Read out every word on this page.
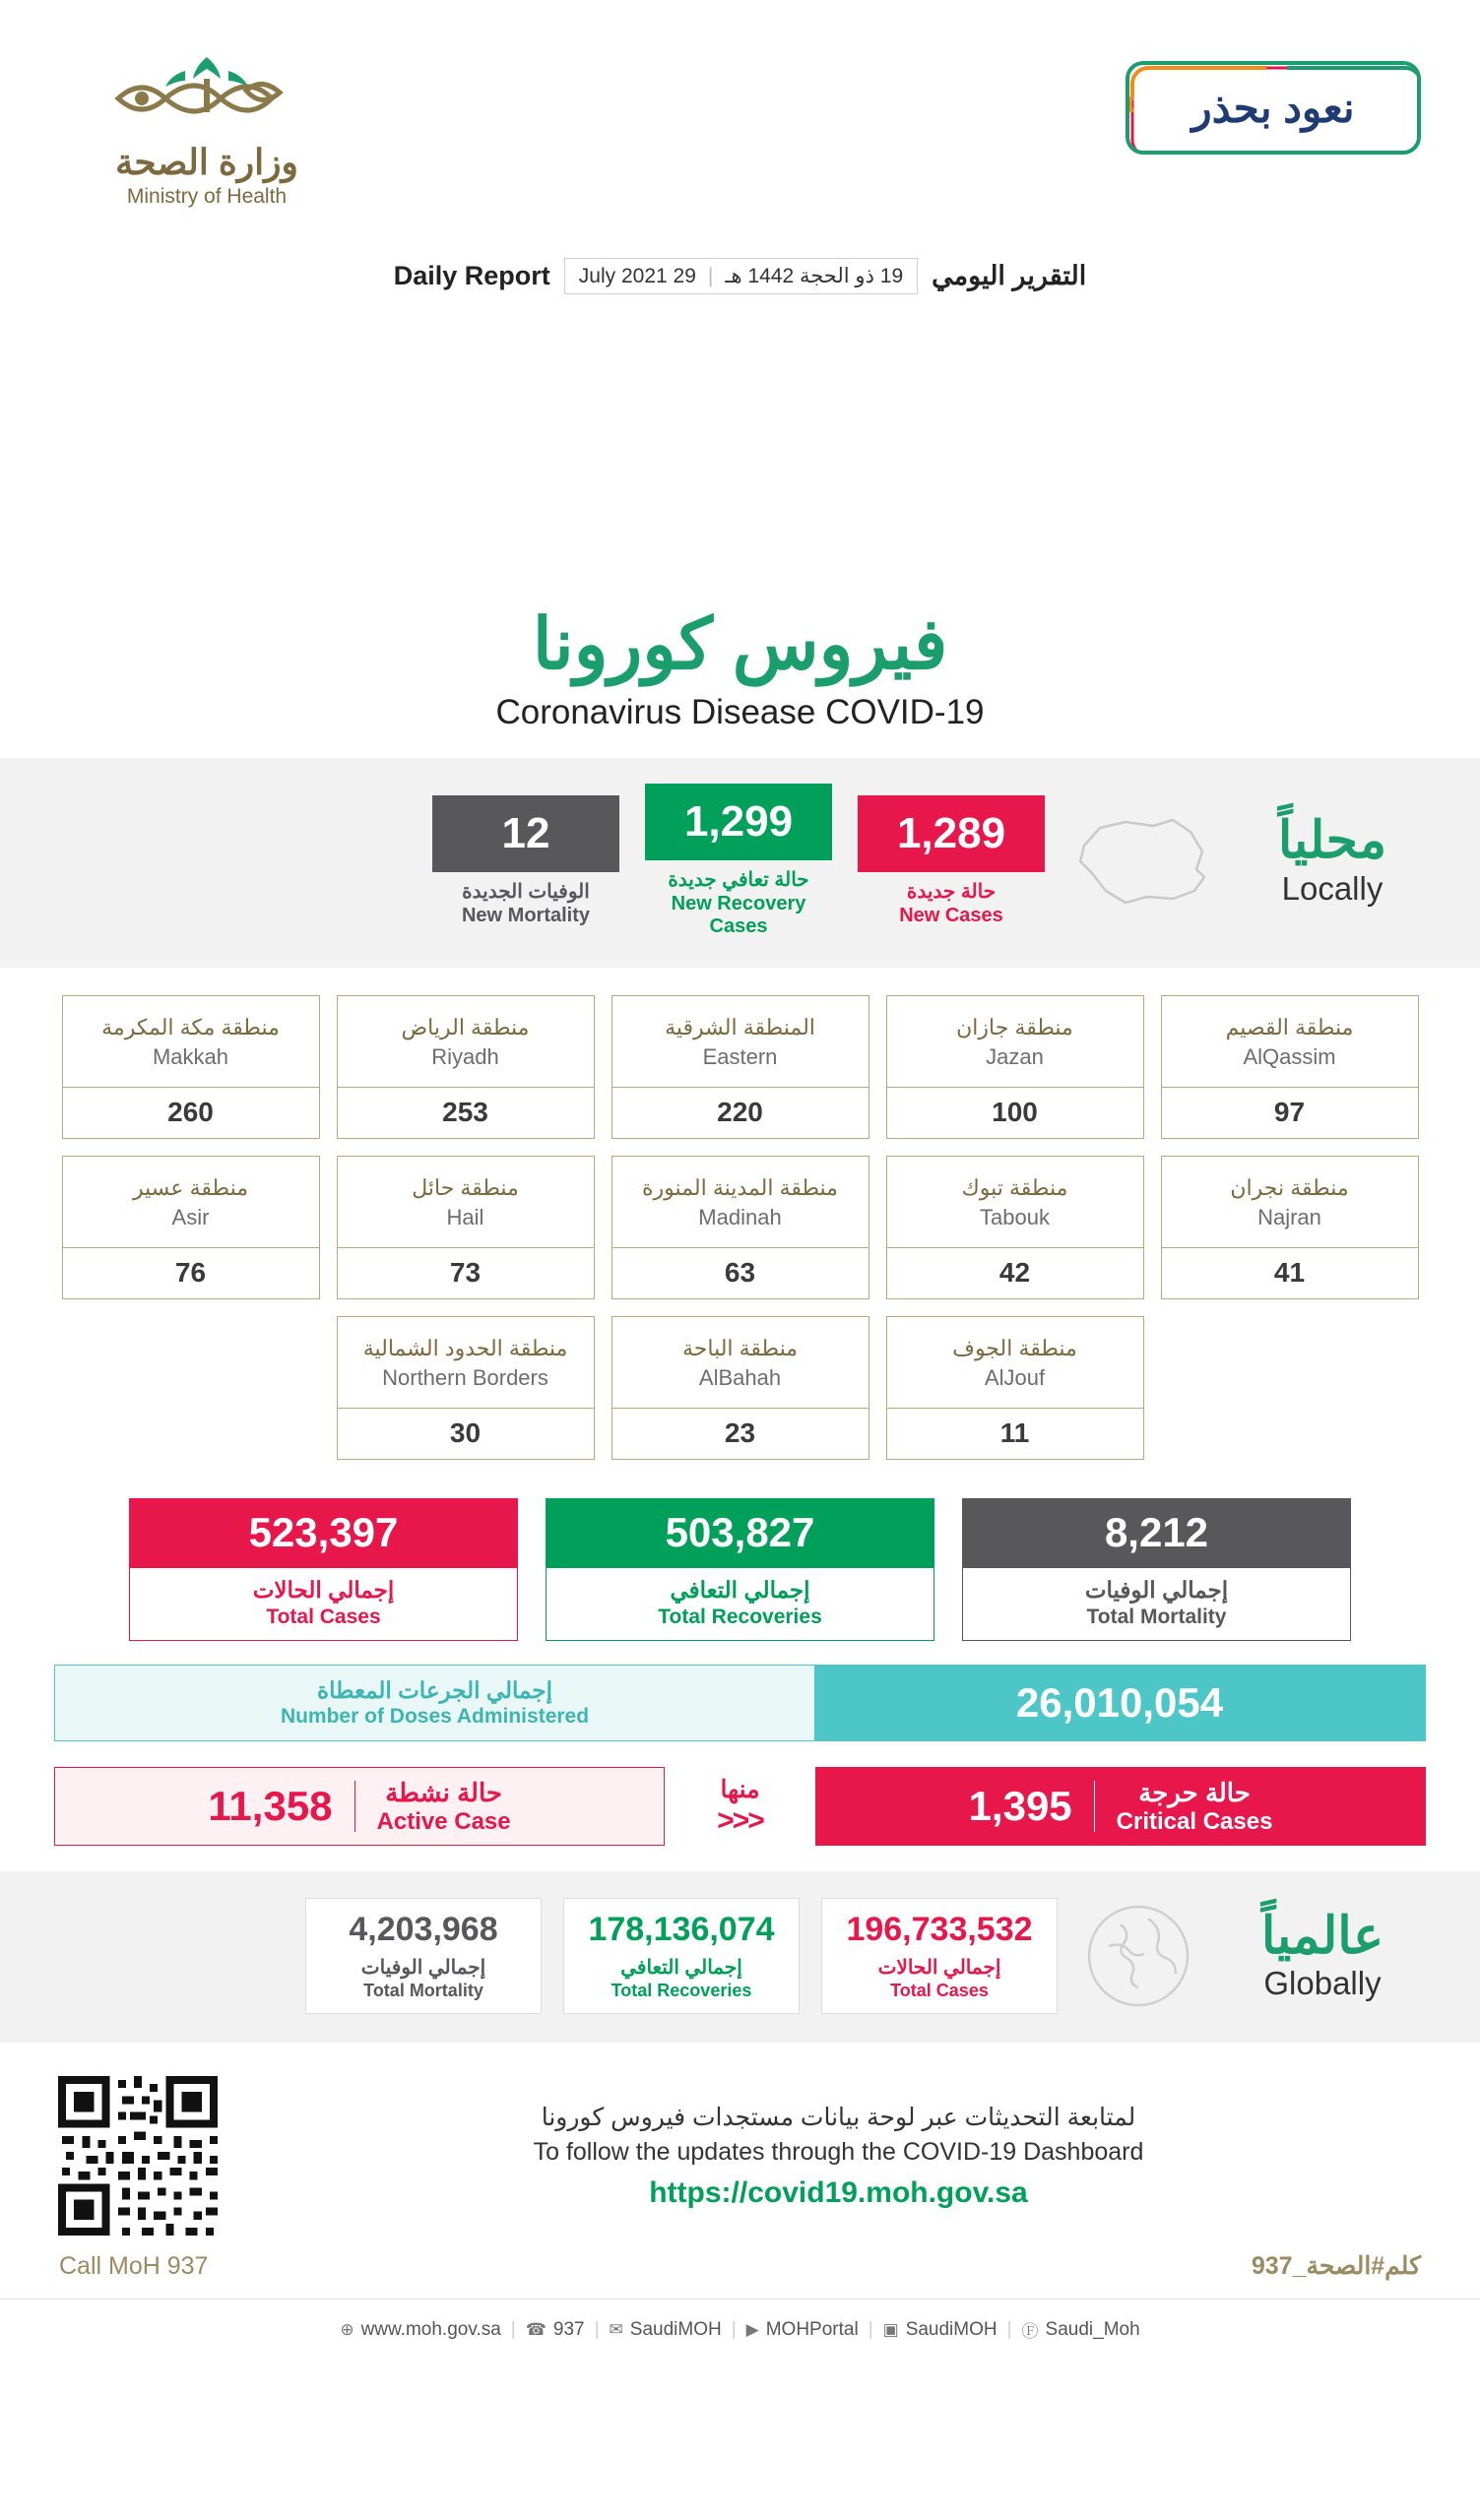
وزارة الصحة
Ministry of Health
نعود بحذر
التقرير اليومي
19 ذو الحجة 1442 هـ
|
29 July 2021
Daily Report
فيروس كورونا
Coronavirus Disease COVID-19
12
الوفيات الجديدة
New Mortality
1,299
حالة تعافي جديدة
New Recovery Cases
1,289
حالة جديدة
New Cases
محلياً
Locally
منطقة القصيم
AlQassim
97
منطقة جازان
Jazan
100
المنطقة الشرقية
Eastern
220
منطقة الرياض
Riyadh
253
منطقة مكة المكرمة
Makkah
260
منطقة نجران
Najran
41
منطقة تبوك
Tabouk
42
منطقة المدينة المنورة
Madinah
63
منطقة حائل
Hail
73
منطقة عسير
Asir
76
منطقة الجوف
AlJouf
11
منطقة الباحة
AlBahah
23
منطقة الحدود الشمالية
Northern Borders
30
8,212
إجمالي الوفيات
Total Mortality
503,827
إجمالي التعافي
Total Recoveries
523,397
إجمالي الحالات
Total Cases
26,010,054
إجمالي الجرعات المعطاة
Number of Doses Administered
حالة حرجة
Critical Cases
1,395
منها
<<<
حالة نشطة
Active Case
11,358
4,203,968
إجمالي الوفيات
Total Mortality
178,136,074
إجمالي التعافي
Total Recoveries
196,733,532
إجمالي الحالات
Total Cases
عالمياً
Globally
لمتابعة التحديثات عبر لوحة بيانات مستجدات فيروس كورونا
To follow the updates through the COVID-19 Dashboard
https://covid19.moh.gov.sa
Call MoH 937	كلم#الصحة_937
⊕ www.moh.gov.sa | ☎ 937 | ✉ SaudiMOH | ▶ MOHPortal | ▣ SaudiMOH | Ⓕ Saudi_Moh
